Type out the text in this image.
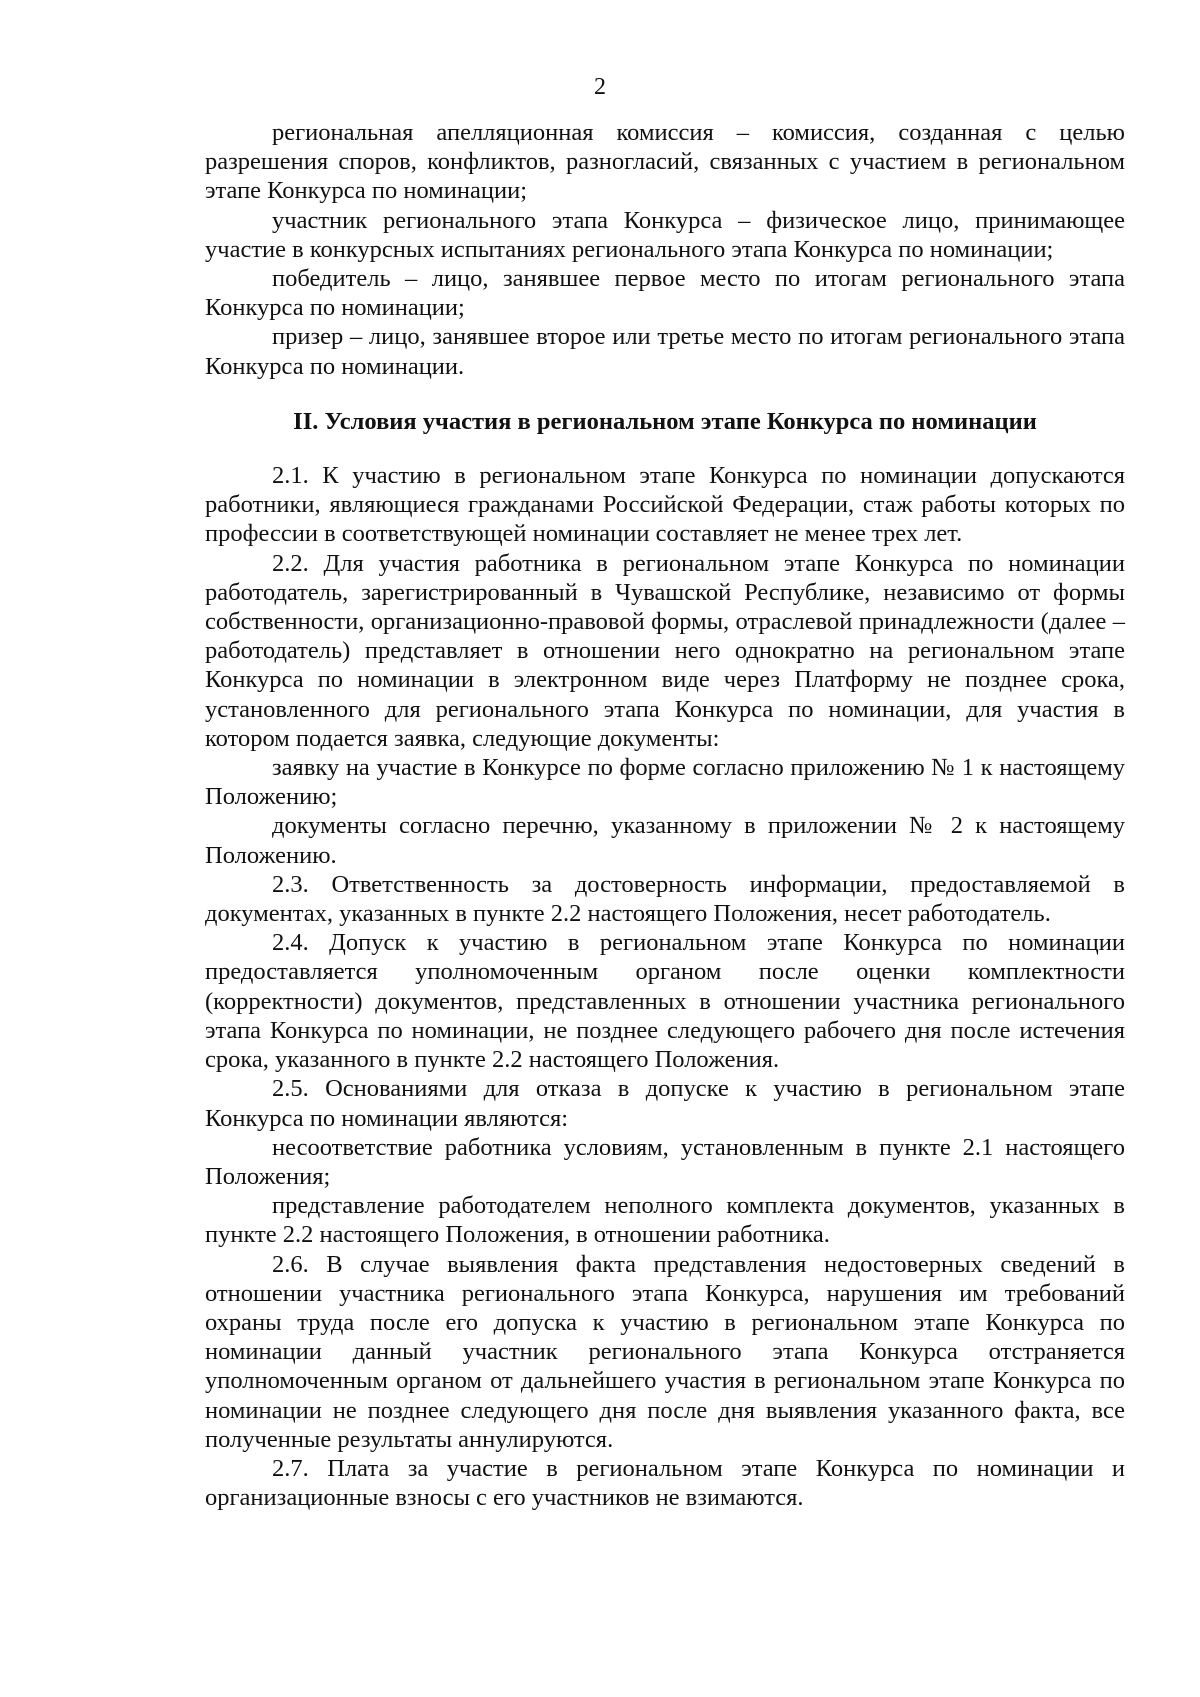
2

региональная апелляционная комиссия – комиссия, созданная с целью разрешения споров, конфликтов, разногласий, связанных с участием в региональном этапе Конкурса по номинации;

участник регионального этапа Конкурса – физическое лицо, принимающее участие в конкурсных испытаниях регионального этапа Конкурса по номинации;

победитель – лицо, занявшее первое место по итогам регионального этапа Конкурса по номинации;

призер – лицо, занявшее второе или третье место по итогам регионального этапа Конкурса по номинации.

II. Условия участия в региональном этапе Конкурса по номинации

2.1. К участию в региональном этапе Конкурса по номинации допускаются работники, являющиеся гражданами Российской Федерации, стаж работы которых по профессии в соответствующей номинации составляет не менее трех лет.

2.2. Для участия работника в региональном этапе Конкурса по номинации работодатель, зарегистрированный в Чувашской Республике, независимо от формы собственности, организационно-правовой формы, отраслевой принадлежности (далее – работодатель) представляет в отношении него однократно на региональном этапе Конкурса по номинации в электронном виде через Платформу не позднее срока, установленного для регионального этапа Конкурса по номинации, для участия в котором подается заявка, следующие документы:

заявку на участие в Конкурсе по форме согласно приложению № 1 к настоящему Положению;

документы согласно перечню, указанному в приложении № 2 к настоящему Положению.

2.3. Ответственность за достоверность информации, предоставляемой в документах, указанных в пункте 2.2 настоящего Положения, несет работодатель.

2.4. Допуск к участию в региональном этапе Конкурса по номинации предоставляется уполномоченным органом после оценки комплектности (корректности) документов, представленных в отношении участника регионального этапа Конкурса по номинации, не позднее следующего рабочего дня после истечения срока, указанного в пункте 2.2 настоящего Положения.

2.5. Основаниями для отказа в допуске к участию в региональном этапе Конкурса по номинации являются:

несоответствие работника условиям, установленным в пункте 2.1 настоящего Положения;

представление работодателем неполного комплекта документов, указанных в пункте 2.2 настоящего Положения, в отношении работника.

2.6. В случае выявления факта представления недостоверных сведений в отношении участника регионального этапа Конкурса, нарушения им требований охраны труда после его допуска к участию в региональном этапе Конкурса по номинации данный участник регионального этапа Конкурса отстраняется уполномоченным органом от дальнейшего участия в региональном этапе Конкурса по номинации не позднее следующего дня после дня выявления указанного факта, все полученные результаты аннулируются.

2.7. Плата за участие в региональном этапе Конкурса по номинации и организационные взносы с его участников не взимаются.
